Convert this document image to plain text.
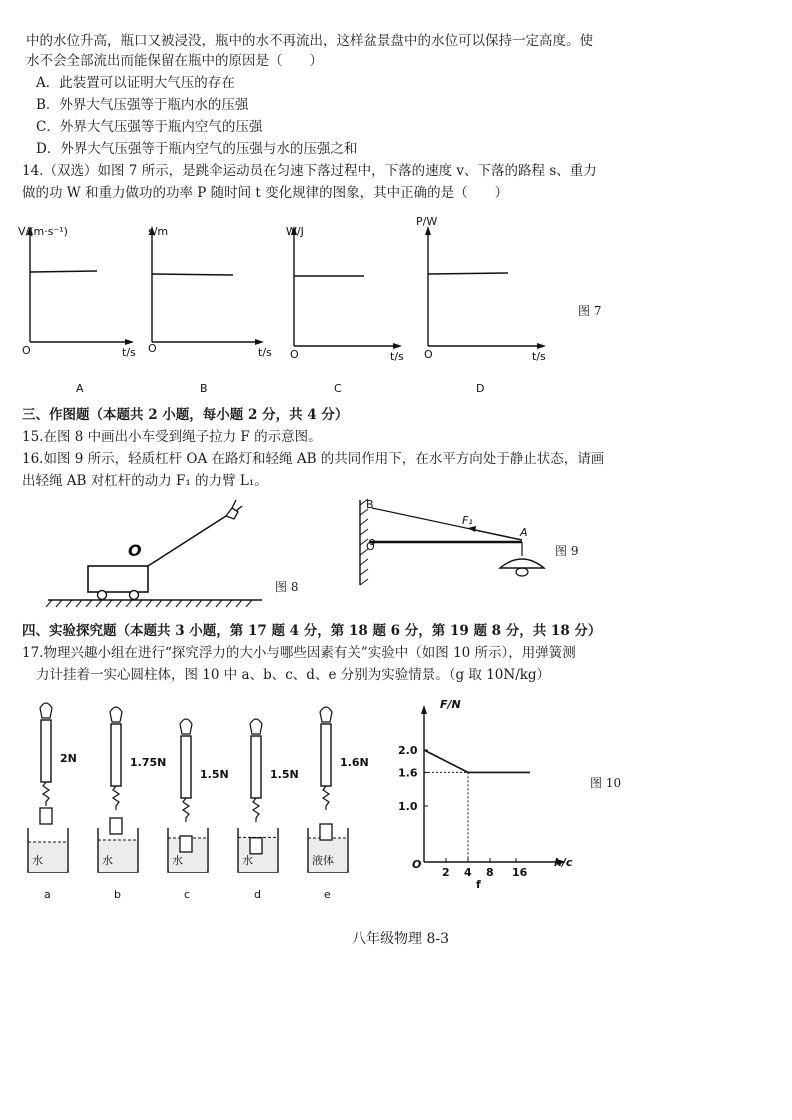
中的水位升高，瓶口又被浸没，瓶中的水不再流出，这样盆景盘中的水位可以保持一定高度。使
水不会全部流出而能保留在瓶中的原因是（　　）
A．此装置可以证明大气压的存在
B．外界大气压强等于瓶内水的压强
C．外界大气压强等于瓶内空气的压强
D．外界大气压强等于瓶内空气的压强与水的压强之和
14.（双选）如图 7 所示，是跳伞运动员在匀速下落过程中，下落的速度 v、下落的路程 s、重力
做的功 W 和重力做功的功率 P 随时间 t 变化规律的图象，其中正确的是（　　）
V/(m·s⁻¹)
O	t/s
A
s/m
O	t/s
B
W/J
O	t/s
C
P/W
O	t/s
D
图 7
三、作图题（本题共 2 小题，每小题 2 分，共 4 分）
15.在图 8 中画出小车受到绳子拉力 F 的示意图。
16.如图 9 所示，轻质杠杆 OA 在路灯和轻绳 AB 的共同作用下，在水平方向处于静止状态，请画
出轻绳 AB 对杠杆的动力 F₁ 的力臂 L₁。
O
图 8
B
O
A
F₁
图 9
四、实验探究题（本题共 3 小题，第 17 题 4 分，第 18 题 6 分，第 19 题 8 分，共 18 分）
17.物理兴趣小组在进行“探究浮力的大小与哪些因素有关”实验中（如图 10 所示），用弹簧测
力计挂着一实心圆柱体，图 10 中 a、b、c、d、e 分别为实验情景。（g 取 10N/kg）
水
2N
a
水
1.75N
b
水
1.5N
c
水
1.5N
d
液体
1.6N
e
F/N
h/c
O
f
2 4 8 16
2.0
1.6
1.0
图 10
八年级物理 8-3
